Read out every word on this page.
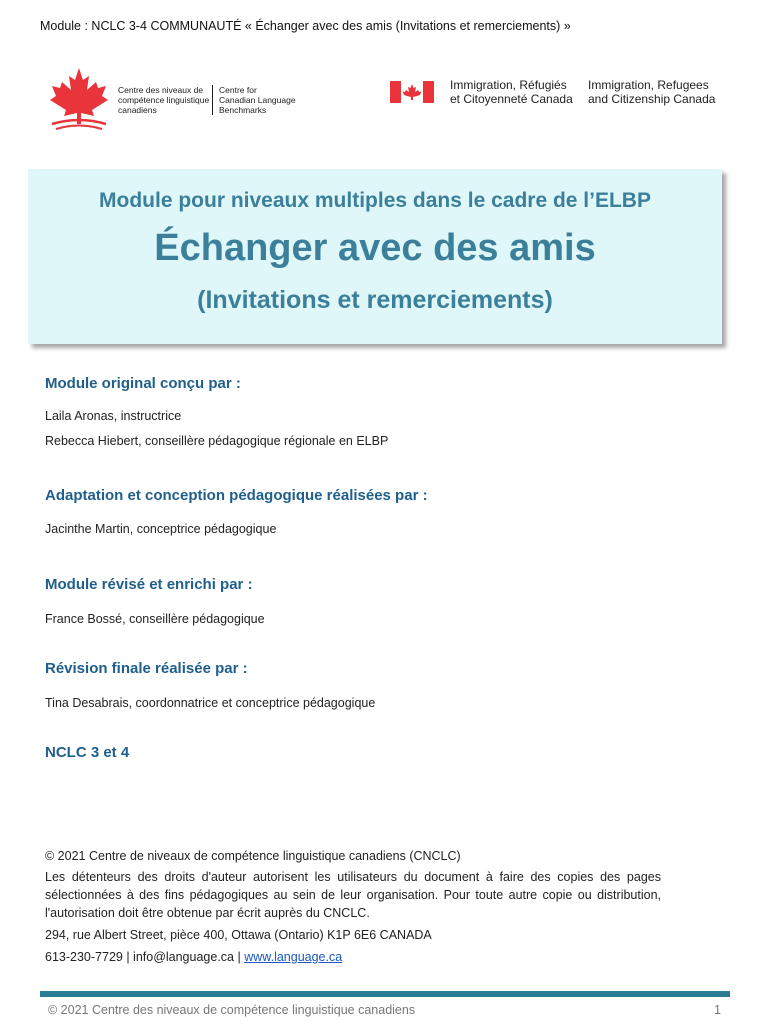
Module : NCLC 3-4 COMMUNAUTÉ « Échanger avec des amis (Invitations et remerciements) »
Centre des niveaux de
compétence linguistique
canadiens
Centre for
Canadian Language
Benchmarks
Immigration, Réfugiés
et Citoyenneté Canada
Immigration, Refugees
and Citizenship Canada
Module pour niveaux multiples dans le cadre de l’ELBP
Échanger avec des amis
(Invitations et remerciements)
Module original conçu par :
Laila Aronas, instructrice
Rebecca Hiebert, conseillère pédagogique régionale en ELBP
Adaptation et conception pédagogique réalisées par :
Jacinthe Martin, conceptrice pédagogique
Module révisé et enrichi par :
France Bossé, conseillère pédagogique
Révision finale réalisée par :
Tina Desabrais, coordonnatrice et conceptrice pédagogique
NCLC 3 et 4
© 2021 Centre de niveaux de compétence linguistique canadiens (CNCLC)
Les détenteurs des droits d'auteur autorisent les utilisateurs du document à faire des copies des pages sélectionnées à des fins pédagogiques au sein de leur organisation. Pour toute autre copie ou distribution, l'autorisation doit être obtenue par écrit auprès du CNCLC.
294, rue Albert Street, pièce 400, Ottawa (Ontario) K1P 6E6 CANADA
613-230-7729 | info@language.ca | www.language.ca
© 2021 Centre des niveaux de compétence linguistique canadiens	1
